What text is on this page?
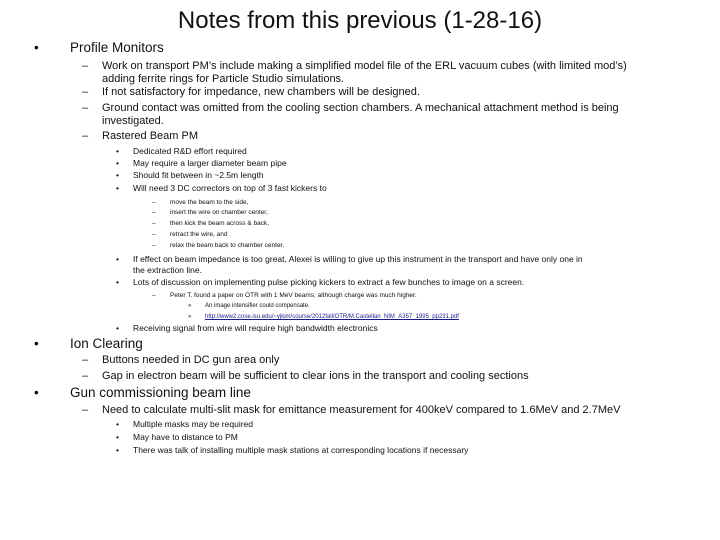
Notes from this previous (1-28-16)
• Profile Monitors
– Work on transport PM’s include making a simplified model file of the ERL vacuum cubes (with limited mod’s)
adding ferrite rings for Particle Studio simulations.
– If not satisfactory for impedance, new chambers will be designed.
– Ground contact was omitted from the cooling section chambers. A mechanical attachment method is being
investigated.
– Rastered Beam PM
• Dedicated R&D effort required
• May require a larger diameter beam pipe
• Should fit between in ~2.5m length
• Will need 3 DC correctors on top of 3 fast kickers to
– move the beam to the side,
– insert the wire on chamber center,
– then kick the beam across & back,
– retract the wire, and
– relax the beam back to chamber center.
• If effect on beam impedance is too great, Alexei is willing to give up this instrument in the transport and have only one in
the extraction line.
• Lots of discussion on implementing pulse picking kickers to extract a few bunches to image on a screen.
– Peter T. found a paper on OTR with 1 MeV beams; although charge was much higher.
» An image intensifier could compensate.
» http://www2.cose.isu.edu/~yjkim/course/2012fall/OTR/M.Castellan_NIM_A357_1995_pp231.pdf
• Receiving signal from wire will require high bandwidth electronics
• Ion Clearing
– Buttons needed in DC gun area only
– Gap in electron beam will be sufficient to clear ions in the transport and cooling sections
• Gun commissioning beam line
– Need to calculate multi-slit mask for emittance measurement for 400keV compared to 1.6MeV and 2.7MeV
• Multiple masks may be required
• May have to distance to PM
• There was talk of installing multiple mask stations at corresponding locations if necessary
